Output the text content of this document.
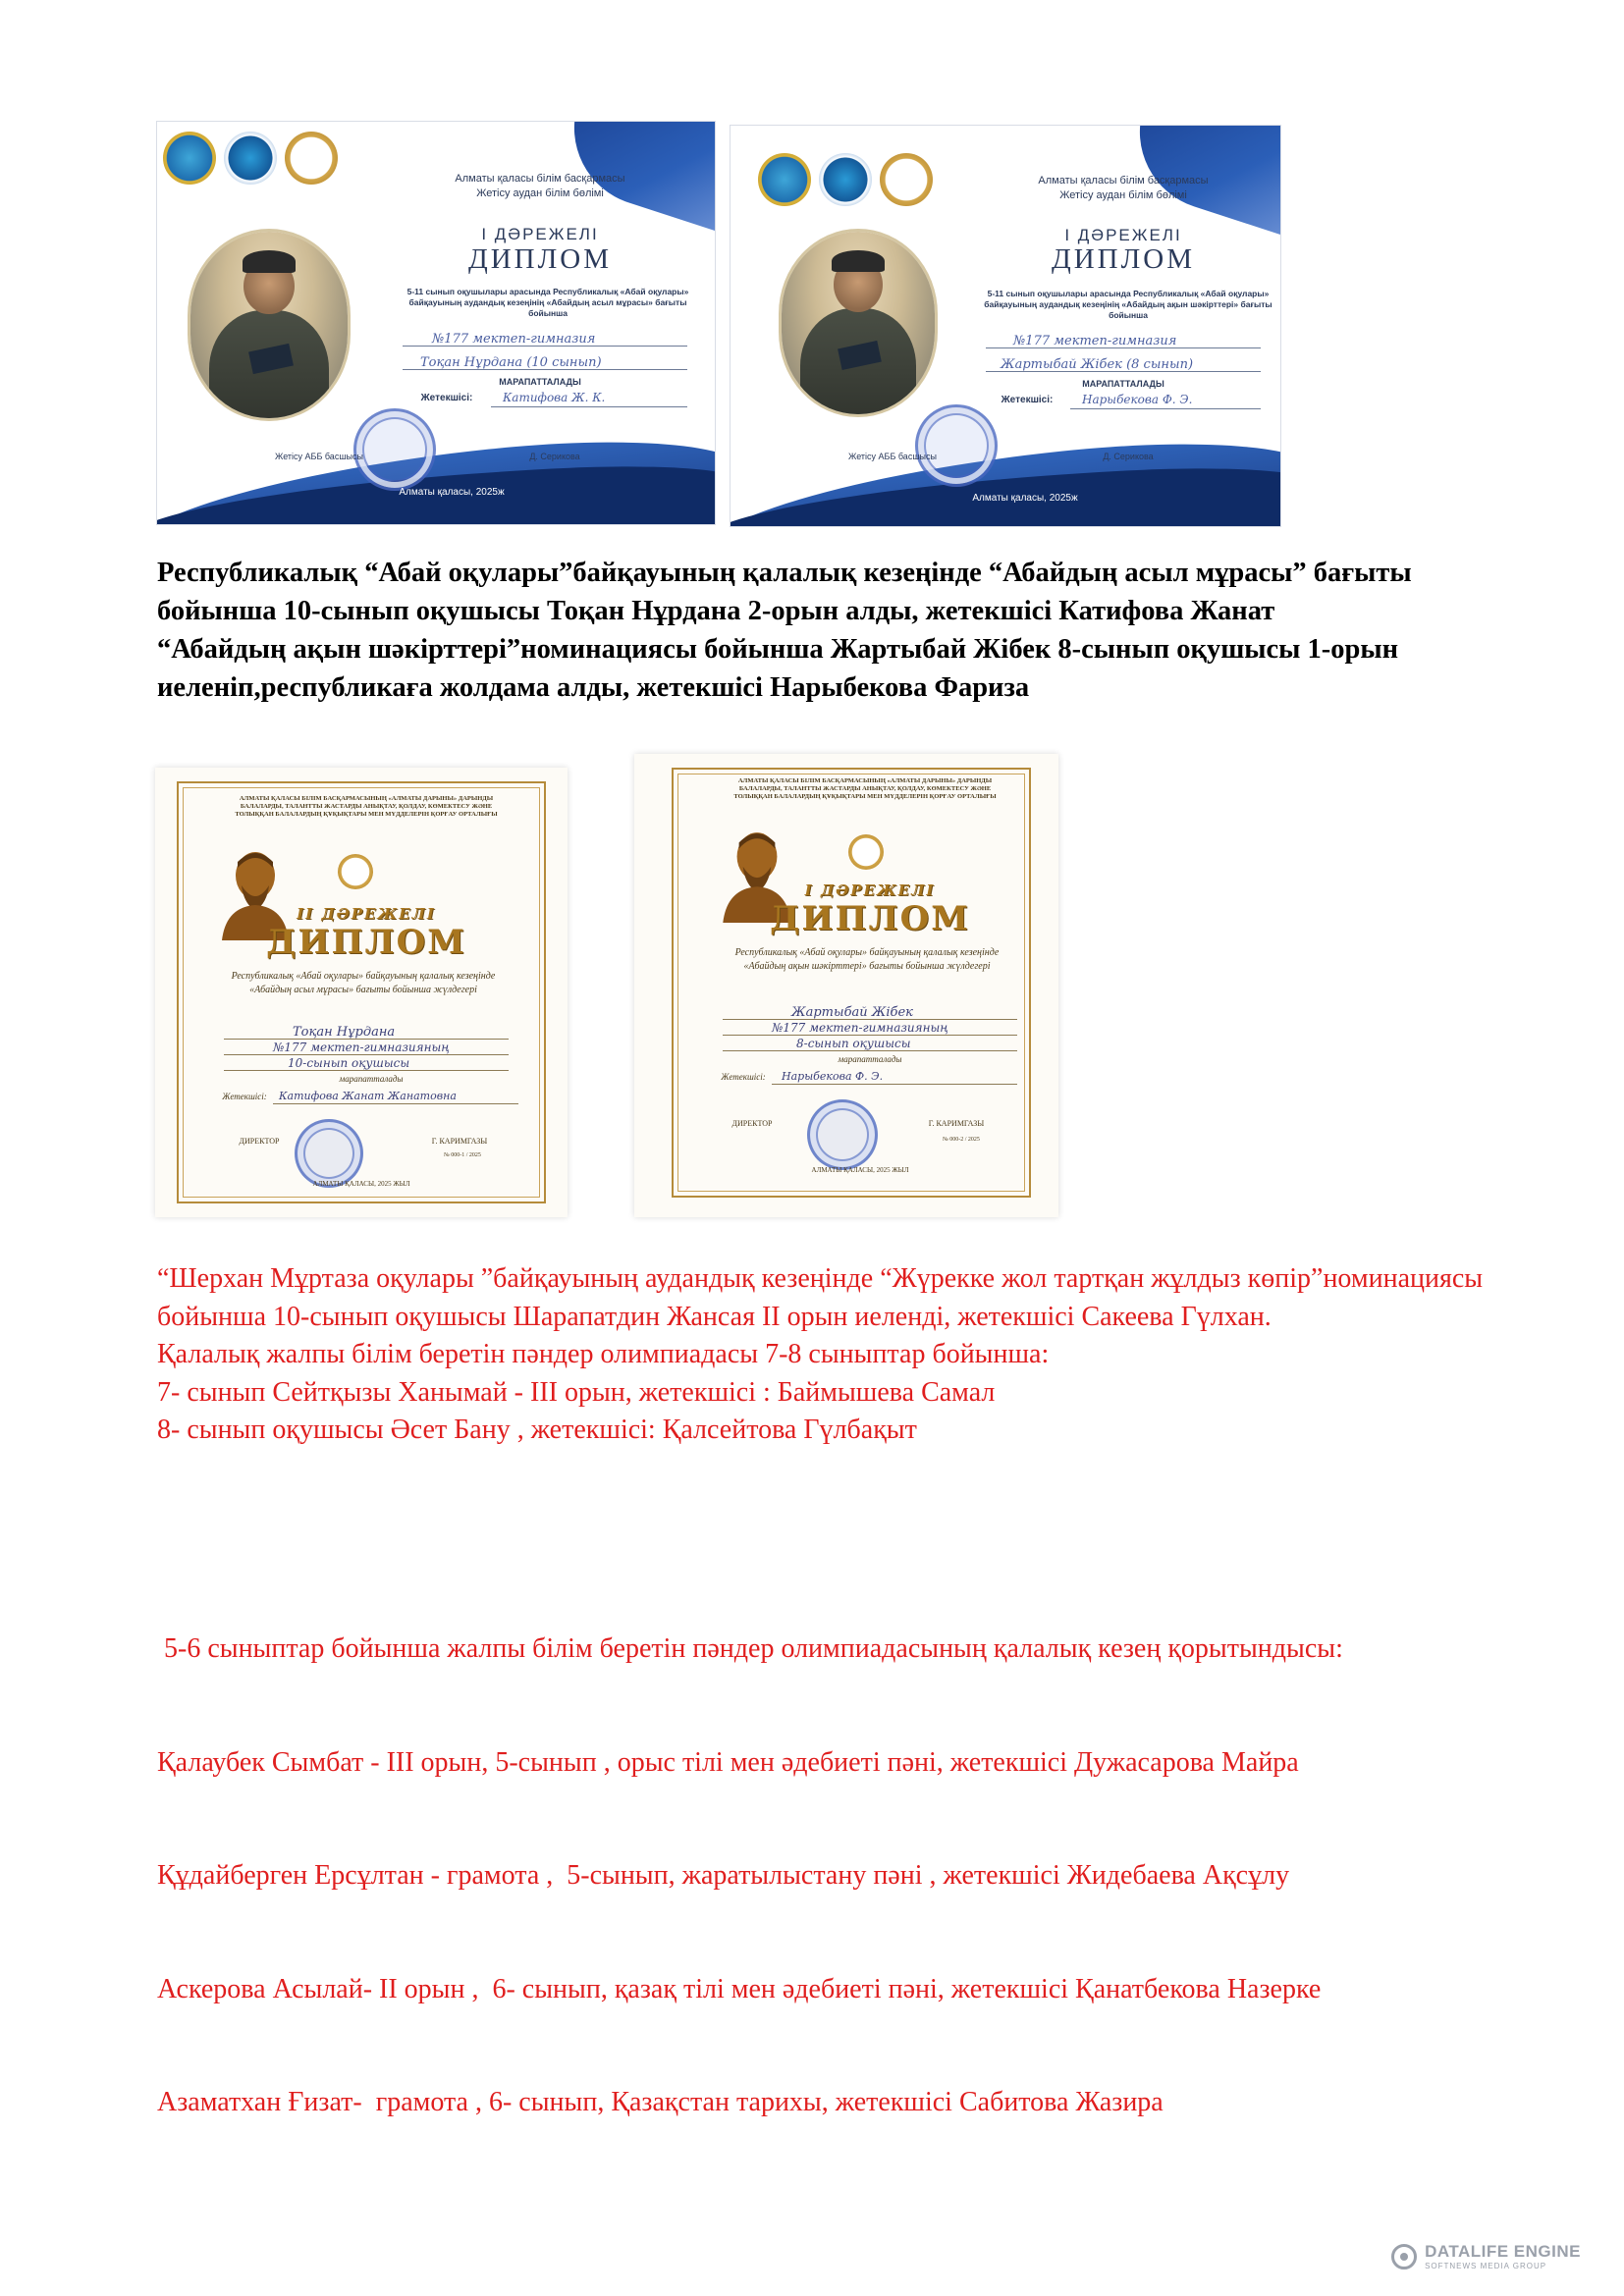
Алматы қаласы білім басқармасы
Жетісу аудан білім бөлімі
І ДӘРЕЖЕЛІ
ДИПЛОМ
5-11 сынып оқушылары арасында Республикалық «Абай оқулары» байқауының аудандық кезеңінің «Абайдың асыл мұрасы» бағыты бойынша
№177 мектеп-гимназия
Тоқан Нұрдана (10 сынып)
МАРАПАТТАЛАДЫ
Жетекшісі:	Катифова Ж. К.
Жетісу АББ басшысы	Д. Серикова
Алматы қаласы, 2025ж
Алматы қаласы білім басқармасы
Жетісу аудан білім бөлімі
І ДӘРЕЖЕЛІ
ДИПЛОМ
5-11 сынып оқушылары арасында Республикалық «Абай оқулары» байқауының аудандық кезеңінің «Абайдың ақын шәкірттері» бағыты бойынша
№177 мектеп-гимназия
Жартыбай Жібек (8 сынып)
МАРАПАТТАЛАДЫ
Жетекшісі:	Нарыбекова Ф. Э.
Жетісу АББ басшысы	Д. Серикова
Алматы қаласы, 2025ж

Республикалық “Абай оқулары”байқауының қалалық кезеңінде “Абайдың асыл мұрасы” бағыты бойынша 10-сынып оқушысы Тоқан Нұрдана 2-орын алды, жетекшісі Катифова Жанат

“Абайдың ақын шәкірттері”номинациясы бойынша Жартыбай Жібек 8-сынып оқушысы 1-орын иеленіп,республикаға жолдама алды, жетекшісі Нарыбекова Фариза

АЛМАТЫ ҚАЛАСЫ БІЛІМ БАСҚАРМАСЫНЫҢ «АЛМАТЫ ДАРЫНЫ» ДАРЫНДЫ БАЛАЛАРДЫ, ТАЛАНТТЫ ЖАСТАРДЫ АНЫҚТАУ, ҚОЛДАУ, КӨМЕКТЕСУ ЖӘНЕ ТОЛЫҚҚАН БАЛАЛАРДЫҢ ҚҰҚЫҚТАРЫ МЕН МҮДДЕЛЕРІН ҚОРҒАУ ОРТАЛЫҒЫ
ІІ ДӘРЕЖЕЛІ
ДИПЛОМ
Республикалық «Абай оқулары» байқауының қалалық кезеңінде «Абайдың асыл мұрасы» бағыты бойынша жүлдегері
Тоқан Нұрдана
№177 мектеп-гимназияның
10-сынып оқушысы
марапатталады
Жетекшісі:	Катифова Жанат Жанатовна
ДИРЕКТОР	Г. КАРИМГАЗЫ
№ 000-1 / 2025
АЛМАТЫ ҚАЛАСЫ, 2025 ЖЫЛ
АЛМАТЫ ҚАЛАСЫ БІЛІМ БАСҚАРМАСЫНЫҢ «АЛМАТЫ ДАРЫНЫ» ДАРЫНДЫ БАЛАЛАРДЫ, ТАЛАНТТЫ ЖАСТАРДЫ АНЫҚТАУ, ҚОЛДАУ, КӨМЕКТЕСУ ЖӘНЕ ТОЛЫҚҚАН БАЛАЛАРДЫҢ ҚҰҚЫҚТАРЫ МЕН МҮДДЕЛЕРІН ҚОРҒАУ ОРТАЛЫҒЫ
І ДӘРЕЖЕЛІ
ДИПЛОМ
Республикалық «Абай оқулары» байқауының қалалық кезеңінде «Абайдың ақын шәкірттері» бағыты бойынша жүлдегері
Жартыбай Жібек
№177 мектеп-гимназияның
8-сынып оқушысы
марапатталады
Жетекшісі:	Нарыбекова Ф. Э.
ДИРЕКТОР	Г. КАРИМГАЗЫ
№ 000-2 / 2025
АЛМАТЫ ҚАЛАСЫ, 2025 ЖЫЛ

“Шерхан Мұртаза оқулары ”байқауының аудандық кезеңінде “Жүрекке жол тартқан жұлдыз көпір”номинациясы бойынша 10-сынып оқушысы Шарапатдин Жансая ІІ орын иеленді, жетекшісі Сакеева Гүлхан.

Қалалық жалпы білім беретін пәндер олимпиадасы 7-8 сыныптар бойынша:

7- сынып Сейтқызы Ханымай - ІІІ орын, жетекшісі : Баймышева Самал

8- сынып оқушысы Әсет Бану , жетекшісі: Қалсейтова Гүлбақыт

5-6 сыныптар бойынша жалпы білім беретін пәндер олимпиадасының қалалық кезең қорытындысы:

Қалаубек Сымбат - ІІІ орын, 5-сынып , орыс тілі мен әдебиеті пәні, жетекшісі Дужасарова Майра

Құдайберген Ерсұлтан - грамота ,  5-сынып, жаратылыстану пәні , жетекшісі Жидебаева Ақсұлу

Аскерова Асылай- ІІ орын ,  6- сынып, қазақ тілі мен әдебиеті пәні, жетекшісі Қанатбекова Назерке

Азаматхан Ғизат-  грамота , 6- сынып, Қазақстан тарихы, жетекшісі Сабитова Жазира

DATALIFE ENGINE
SOFTNEWS MEDIA GROUP
